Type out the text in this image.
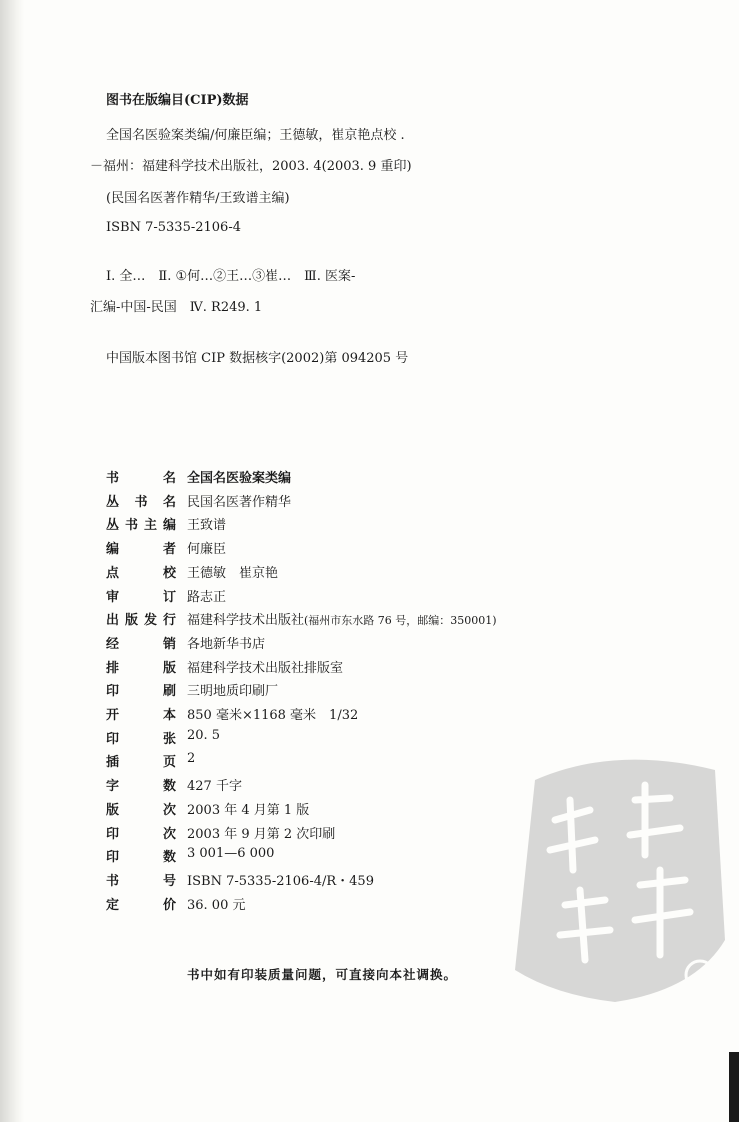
图书在版编目(CIP)数据
全国名医验案类编/何廉臣编；王德敏，崔京艳点校 .
－福州：福建科学技术出版社，2003. 4(2003. 9 重印)
(民国名医著作精华/王致谱主编)
ISBN 7-5335-2106-4
Ⅰ. 全…　Ⅱ. ①何…②王…③崔…　Ⅲ. 医案-
汇编-中国-民国　Ⅳ. R249. 1
中国版本图书馆 CIP 数据核字(2002)第 094205 号
书	名 全国名医验案类编
丛 书 名 民国名医著作精华
丛 书 主 编 王致谱
编	者 何廉臣
点	校 王德敏　崔京艳
审	订 路志正
出 版 发 行 福建科学技术出版社(福州市东水路 76 号，邮编：350001)
经	销 各地新华书店
排	版 福建科学技术出版社排版室
印	刷 三明地质印刷厂
开	本 850 毫米×1168 毫米　1/32
印	张 20. 5
插	页 2
字	数 427 千字
版	次 2003 年 4 月第 1 版
印	次 2003 年 9 月第 2 次印刷
印	数 3 001—6 000
书	号 ISBN 7-5335-2106-4/R・459
定	价 36. 00 元
书中如有印装质量问题，可直接向本社调换。
